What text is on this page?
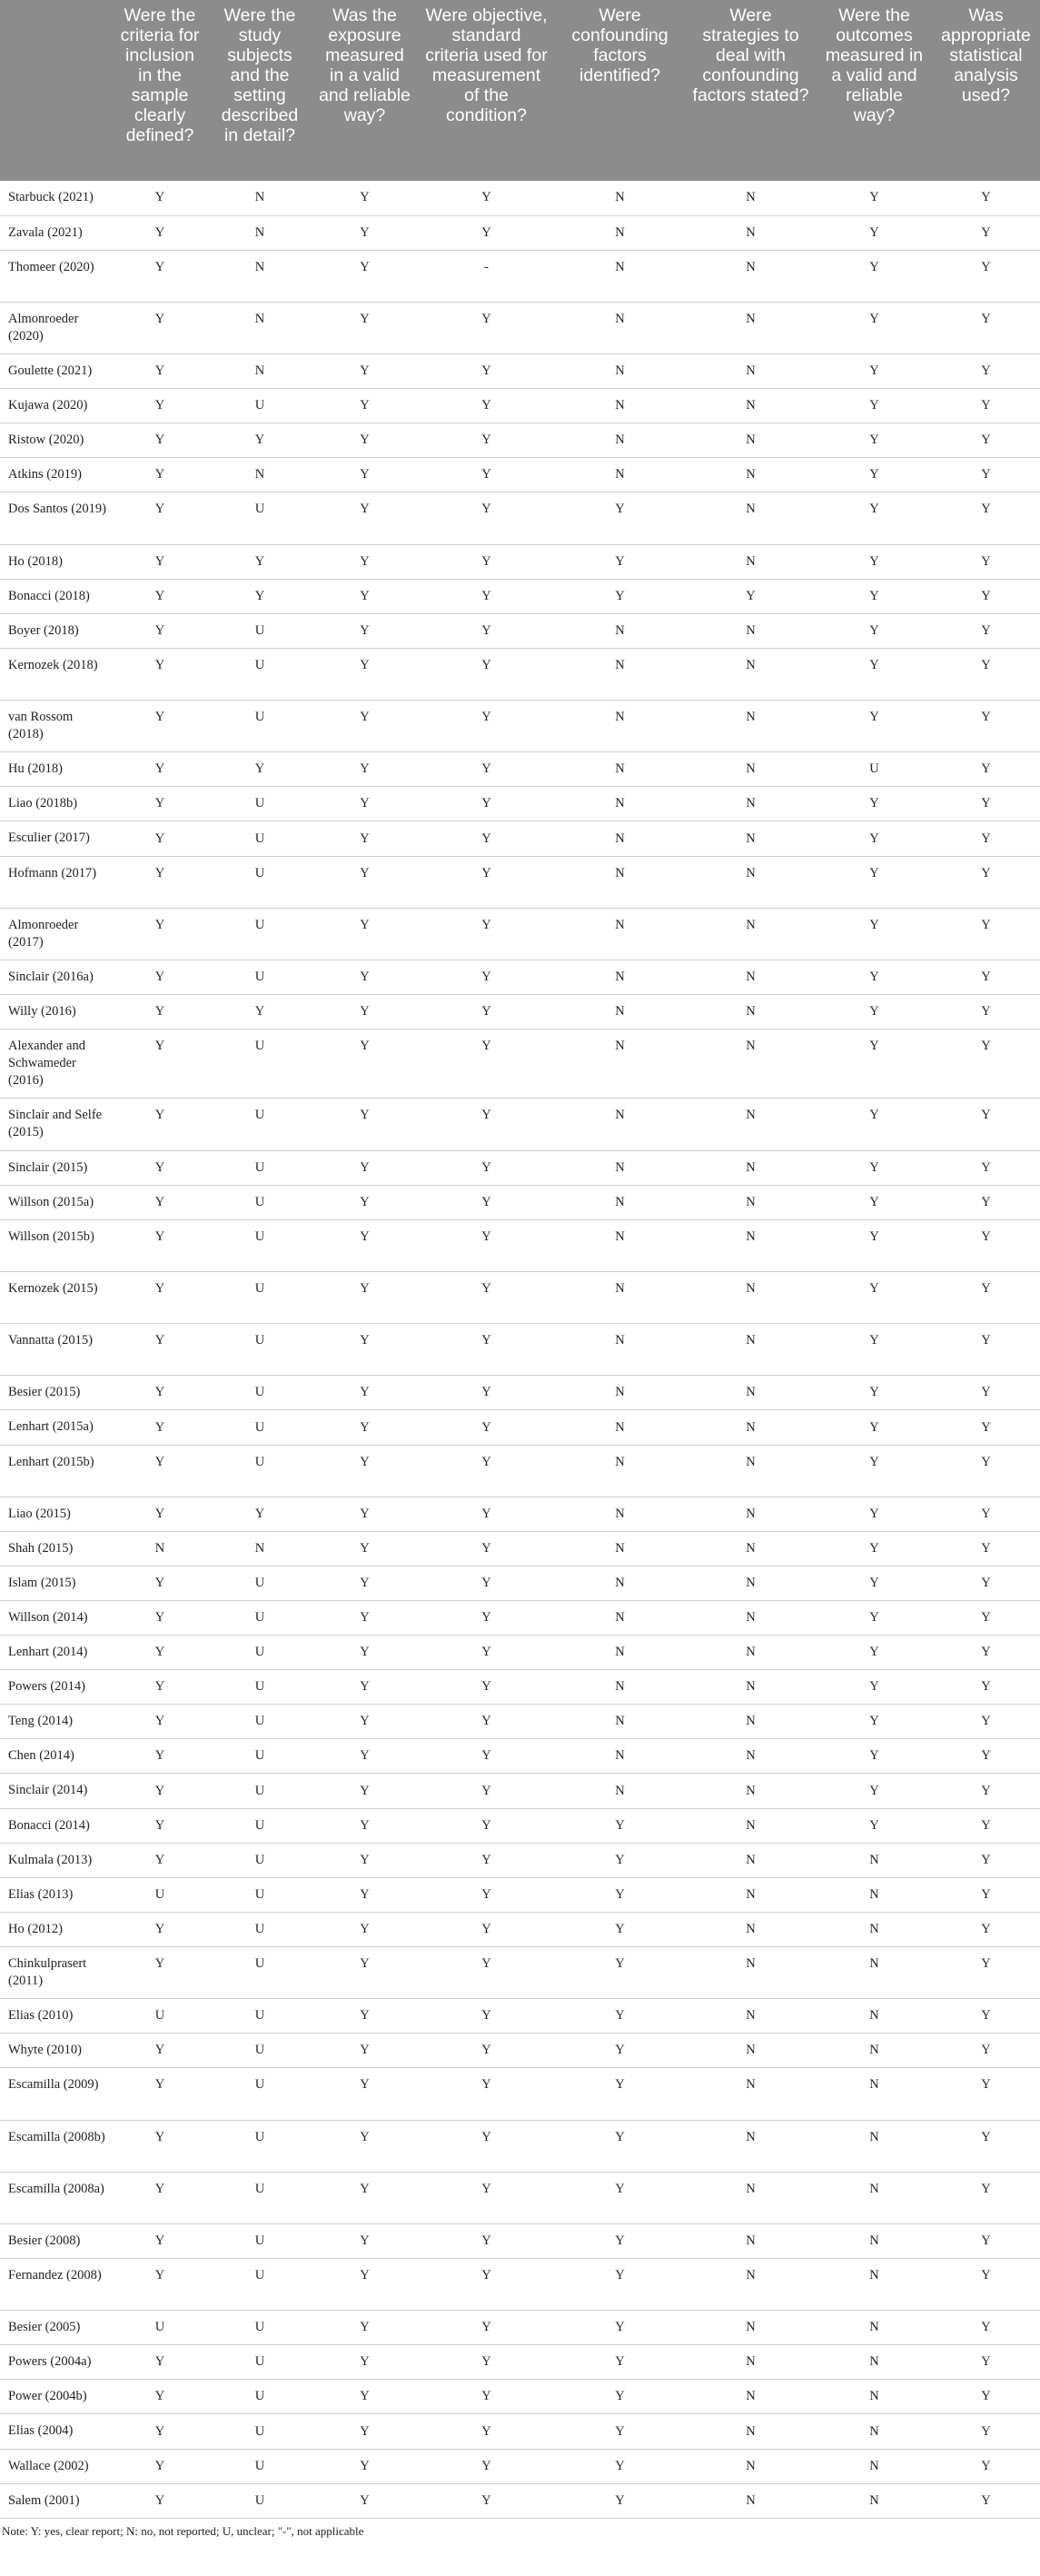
	Were the criteria for inclusion in the sample clearly defined?	Were the study subjects and the setting described in detail?	Was the exposure measured in a valid and reliable way?	Were objective, standard criteria used for measurement of the condition?	Were confounding factors identified?	Were strategies to deal with confounding factors stated?	Were the outcomes measured in a valid and reliable way?	Was appropriate statistical analysis used?
Starbuck (2021)	Y	N	Y	Y	N	N	Y	Y
Zavala (2021)	Y	N	Y	Y	N	N	Y	Y
Thomeer (2020)	Y	N	Y	-	N	N	Y	Y
Almonroeder (2020)	Y	N	Y	Y	N	N	Y	Y
Goulette (2021)	Y	N	Y	Y	N	N	Y	Y
Kujawa (2020)	Y	U	Y	Y	N	N	Y	Y
Ristow (2020)	Y	Y	Y	Y	N	N	Y	Y
Atkins (2019)	Y	N	Y	Y	N	N	Y	Y
Dos Santos (2019)	Y	U	Y	Y	Y	N	Y	Y
Ho (2018)	Y	Y	Y	Y	Y	N	Y	Y
Bonacci (2018)	Y	Y	Y	Y	Y	Y	Y	Y
Boyer (2018)	Y	U	Y	Y	N	N	Y	Y
Kernozek (2018)	Y	U	Y	Y	N	N	Y	Y
van Rossom (2018)	Y	U	Y	Y	N	N	Y	Y
Hu (2018)	Y	Y	Y	Y	N	N	U	Y
Liao (2018b)	Y	U	Y	Y	N	N	Y	Y
Esculier (2017)	Y	U	Y	Y	N	N	Y	Y
Hofmann (2017)	Y	U	Y	Y	N	N	Y	Y
Almonroeder (2017)	Y	U	Y	Y	N	N	Y	Y
Sinclair (2016a)	Y	U	Y	Y	N	N	Y	Y
Willy (2016)	Y	Y	Y	Y	N	N	Y	Y
Alexander and Schwameder (2016)	Y	U	Y	Y	N	N	Y	Y
Sinclair and Selfe (2015)	Y	U	Y	Y	N	N	Y	Y
Sinclair (2015)	Y	U	Y	Y	N	N	Y	Y
Willson (2015a)	Y	U	Y	Y	N	N	Y	Y
Willson (2015b)	Y	U	Y	Y	N	N	Y	Y
Kernozek (2015)	Y	U	Y	Y	N	N	Y	Y
Vannatta (2015)	Y	U	Y	Y	N	N	Y	Y
Besier (2015)	Y	U	Y	Y	N	N	Y	Y
Lenhart (2015a)	Y	U	Y	Y	N	N	Y	Y
Lenhart (2015b)	Y	U	Y	Y	N	N	Y	Y
Liao (2015)	Y	Y	Y	Y	N	N	Y	Y
Shah (2015)	N	N	Y	Y	N	N	Y	Y
Islam (2015)	Y	U	Y	Y	N	N	Y	Y
Willson (2014)	Y	U	Y	Y	N	N	Y	Y
Lenhart (2014)	Y	U	Y	Y	N	N	Y	Y
Powers (2014)	Y	U	Y	Y	N	N	Y	Y
Teng (2014)	Y	U	Y	Y	N	N	Y	Y
Chen (2014)	Y	U	Y	Y	N	N	Y	Y
Sinclair (2014)	Y	U	Y	Y	N	N	Y	Y
Bonacci (2014)	Y	U	Y	Y	Y	N	Y	Y
Kulmala (2013)	Y	U	Y	Y	Y	N	N	Y
Elias (2013)	U	U	Y	Y	Y	N	N	Y
Ho (2012)	Y	U	Y	Y	Y	N	N	Y
Chinkulprasert (2011)	Y	U	Y	Y	Y	N	N	Y
Elias (2010)	U	U	Y	Y	Y	N	N	Y
Whyte (2010)	Y	U	Y	Y	Y	N	N	Y
Escamilla (2009)	Y	U	Y	Y	Y	N	N	Y
Escamilla (2008b)	Y	U	Y	Y	Y	N	N	Y
Escamilla (2008a)	Y	U	Y	Y	Y	N	N	Y
Besier (2008)	Y	U	Y	Y	Y	N	N	Y
Fernandez (2008)	Y	U	Y	Y	Y	N	N	Y
Besier (2005)	U	U	Y	Y	Y	N	N	Y
Powers (2004a)	Y	U	Y	Y	Y	N	N	Y
Power (2004b)	Y	U	Y	Y	Y	N	N	Y
Elias (2004)	Y	U	Y	Y	Y	N	N	Y
Wallace (2002)	Y	U	Y	Y	Y	N	N	Y
Salem (2001)	Y	U	Y	Y	Y	N	N	Y
Note: Y: yes, clear report; N: no, not reported; U, unclear; "-", not applicable
